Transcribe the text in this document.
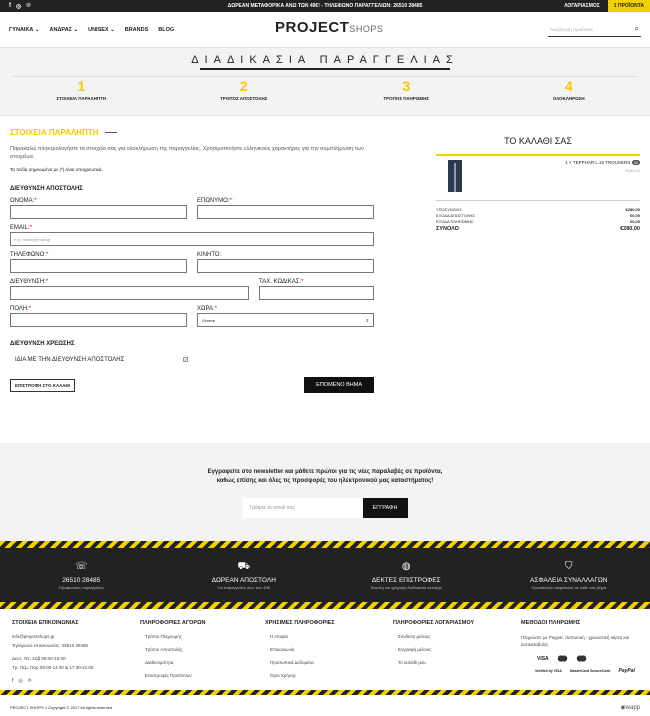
f ◎ ℗	ΔΩΡΕΑΝ ΜΕΤΑΦΟΡΙΚΑ ΑΝΩ ΤΩΝ 49€! - ΤΗΛΕΦΩΝΟ ΠΑΡΑΓΓΕΛΙΩΝ: 26510 28485	ΛΟΓΑΡΙΑΣΜΟΣ	1 ΠΡΟΪΟΝΤΑ
ΓΥΝΑΙΚΑ ⌄ ΑΝΔΡΑΣ ⌄ UNISEX ⌄ BRANDS BLOG	PROJECTSHOPS	Αναζήτηση προϊόντος...	⌕
ΔΙΑΔΙΚΑΣΙΑ ΠΑΡΑΓΓΕΛΙΑΣ
1
ΣΤΟΙΧΕΙΑ ΠΑΡΑΛΗΠΤΗ
2
ΤΡΟΠΟΣ ΑΠΟΣΤΟΛΗΣ
3
ΤΡΟΠΟΣ ΠΛΗΡΩΜΗΣ
4
ΟΛΟΚΛΗΡΩΣΗ
ΣΤΟΙΧΕΙΑ ΠΑΡΑΛΗΠΤΗ
Παρακαλώ πληκτρολογήστε τα στοιχεία σας για ολοκλήρωση της παραγγελίας. Χρησιμοποιήστε ελληνικούς χαρακτήρες για την συμπλήρωση των στοιχείων.
Τα πεδία σημειωμένα με (*) είναι υποχρεωτικά.
ΔΙΕΥΘΥΝΣΗ ΑΠΟΣΤΟΛΗΣ
ΟΝΟΜΑ:*	ΕΠΩΝΥΜΟ:*
EMAIL:*
π.χ. name@email.gr
ΤΗΛΕΦΩΝΟ:*	ΚΙΝΗΤΟ:
ΔΙΕΥΘΥΝΣΗ:*	ΤΑΧ. ΚΩΔΙΚΑΣ:*
ΠΟΛΗ:*	ΧΩΡΑ:*
Greece	⇕
ΔΙΕΥΘΥΝΣΗ ΧΡΕΩΣΗΣ
ΙΔΙΑ ΜΕ ΤΗΝ ΔΙΕΥΘΥΝΣΗ ΑΠΟΣΤΟΛΗΣ	✓
ΕΠΙΣΤΡΟΦΗ ΣΤΟ ΚΑΛΑΘΙ	ΕΠΟΜΕΝΟ ΒΗΜΑ
ΤΟ ΚΑΛΑΘΙ ΣΑΣ
1 × TEPPHAR L.32 TROUSERS 30
€280,00
ΥΠΟΣΥΝΟΛΟ	€280,00
ΕΞΟΔΑ ΑΠΟΣΤΟΛΗΣ	€0,00
ΕΞΟΔΑ ΠΛΗΡΩΜΗΣ	€0,00
ΣΥΝΟΛΟ	€280,00

Εγγραφείτε στο newsletter και μάθετε πρώτοι για τις νέες παραλαβές σε προϊόντα,
καθώς επίσης και όλες τις προσφορές του ηλεκτρονικού μας καταστήματος!

Γράψτε το email σας	ΕΓΓΡΑΦΗ
☏
26510 28485
Τηλεφωνικές παραγγελίες
⛟
ΔΩΡΕΑΝ ΑΠΟΣΤΟΛΗ
Για παραγγελίες άνω των 49€
◍
ΔΕΚΤΕΣ ΕΠΙΣΤΡΟΦΕΣ
Εύκολη και γρήγορη διαδικασία αλλαγής
⛉
ΑΣΦΑΛΕΙΑ ΣΥΝΑΛΛΑΓΩΝ
Πρωτόκολλο ασφαλείας σε κάθε σας βήμα
ΣΤΟΙΧΕΙΑ ΕΠΙΚΟΙΝΩΝΙΑΣ
info@projectshops.gr
Τηλέφωνο επικοινωνίας: 26510 28485
Δευτ, Τετ, Σάβ 09:00-15:00
Τρ, Πέμ, Παρ 09:00-14:30 & 17:30-21:00
f ◎ ℗
ΠΛΗΡΟΦΟΡΙΕΣ ΑΓΟΡΩΝ
Τρόποι Πληρωμής
Τρόποι Αποστολής
Διαθεσιμότητα
Επιστροφές Προϊόντων
ΧΡΗΣΙΜΕΣ ΠΛΗΡΟΦΟΡΙΕΣ
Η εταιρία
Επικοινωνία
Προσωπικά Δεδομένα
Όροι Χρήσης
ΠΛΗΡΟΦΟΡΙΕΣ ΛΟΓΑΡΙΑΣΜΟΥ
Σύνδεση μέλους
Εγγραφή μέλους
Το καλάθι μου
ΜΕΘΟΔΟΙ ΠΛΗΡΩΜΗΣ
Πληρώστε με Paypal, πιστωτική - χρεωστική κάρτα και αντικαταβολή.
VISA
Verified by VISA MasterCard SecureCode PayPal
PROJECT SHOPS // Copyright © 2017 All rights reserved.	◉wapp
